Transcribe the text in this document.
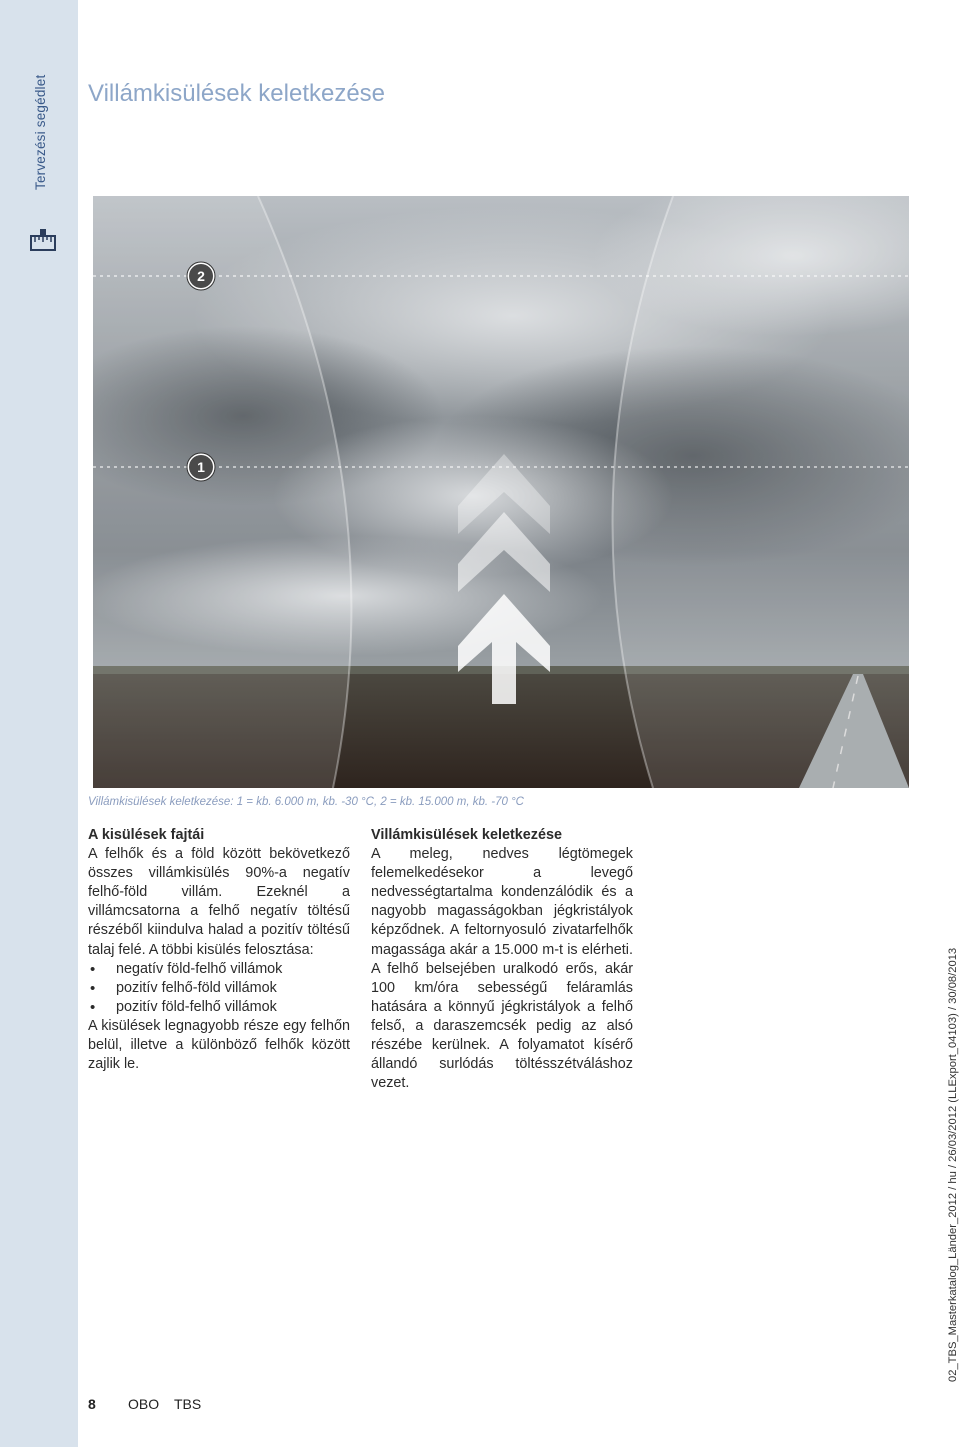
Tervezési segédlet Villámkisülések keletkezése
2
1
Villámkisülések keletkezése: 1 = kb. 6.000 m, kb. -30 °C, 2 = kb. 15.000 m, kb. -70 °C
A kisülések fajtái

A felhők és a föld között bekövetkező összes villámkisülés 90%-a negatív felhő-föld villám. Ezeknél a villámcsatorna a felhő negatív töltésű részéből kiindulva halad a pozitív töltésű talaj felé. A többi kisülés felosztása:

• negatív föld-felhő villámok
• pozitív felhő-föld villámok
• pozitív föld-felhő villámok

A kisülések legnagyobb része egy felhőn belül, illetve a különböző felhők között zajlik le.

Villámkisülések keletkezése

A meleg, nedves légtömegek felemelkedésekor a levegő nedvességtartalma kondenzálódik és a nagyobb magasságokban jégkristályok képződnek. A feltornyosuló zivatarfelhők magassága akár a 15.000 m-t is elérheti. A felhő belsejében uralkodó erős, akár 100 km/óra sebességű feláramlás hatására a könnyű jégkristályok a felhő felső, a daraszemcsék pedig az alsó részébe kerülnek. A folyamatot kísérő állandó surlódás töltésszétváláshoz vezet.

8	OBO	TBS
02_TBS_Masterkatalog_Länder_2012 / hu / 26/03/2012 (LLExport_04103) / 30/08/2013
